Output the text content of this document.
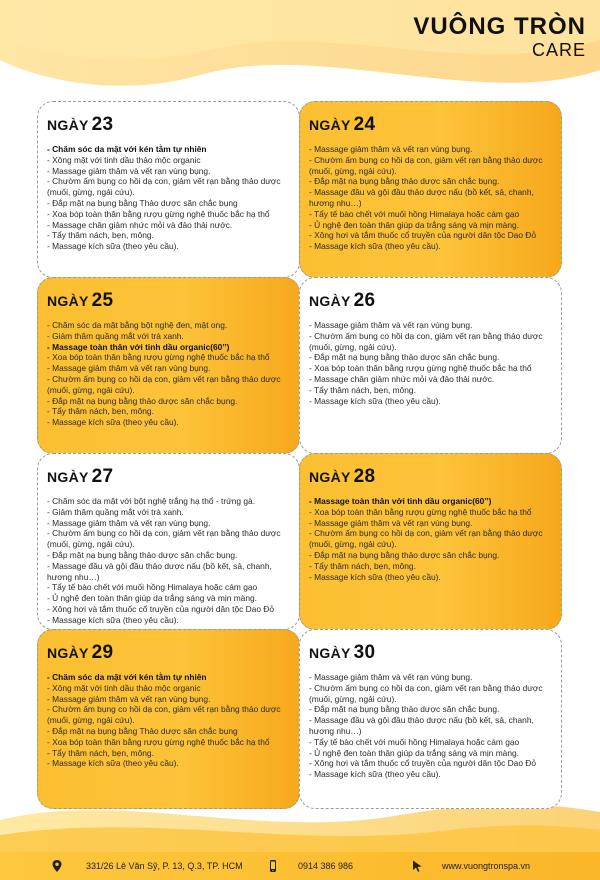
VUÔNG TRÒN
CARE
NGÀY 23
- Chăm sóc da mặt với kén tằm tự nhiên
- Xông mặt với tinh dầu thảo mộc organic
- Massage giảm thâm và vết rạn vùng bụng.
- Chườm ấm bụng co hồi dạ con, giảm vết rạn bằng thảo dược (muối, gừng, ngải cứu).
- Đắp mặt nạ bụng bằng Thảo dược săn chắc bụng
- Xoa bóp toàn thân bằng rượu gừng nghệ thuốc bắc hạ thổ
- Massage chân giảm nhức mỏi và đảo thải nước.
- Tẩy thâm nách, bẹn, mông.
- Massage kích sữa (theo yêu cầu).
NGÀY 24
- Massage giảm thâm và vết rạn vùng bụng.
- Chườm ấm bụng co hồi dạ con, giảm vết rạn bằng thảo dược (muối, gừng, ngải cứu).
- Đắp mặt nạ bụng bằng thảo dược săn chắc bụng.
- Massage đầu và gội đầu thảo dược nấu (bồ kết, sả, chanh, hương nhu…)
- Tẩy tế bào chết với muối hồng Himalaya hoặc cám gạo
- Ủ nghệ đen toàn thân giúp da trắng sáng và mịn màng.
- Xông hơi và tắm thuốc cổ truyền của người dân tộc Dao Đỏ
- Massage kích sữa (theo yêu cầu).
NGÀY 25
- Chăm sóc da mặt bằng bột nghệ đen, mật ong.
- Giảm thâm quầng mắt với trà xanh.
- Massage toàn thân với tinh dầu organic(60’’)
- Xoa bóp toàn thân bằng rượu gừng nghệ thuốc bắc hạ thổ
- Massage giảm thâm và vết rạn vùng bụng.
- Chườm ấm bụng co hồi dạ con, giảm vết rạn bằng thảo dược (muối, gừng, ngải cứu).
- Đắp mặt nạ bụng bằng thảo dược săn chắc bụng.
- Tẩy thâm nách, bẹn, mông.
- Massage kích sữa (theo yêu cầu).
NGÀY 26
- Massage giảm thâm và vết rạn vùng bụng.
- Chườm ấm bụng co hồi dạ con, giảm vết rạn bằng thảo dược (muối, gừng, ngải cứu).
- Đắp mặt nạ bụng bằng thảo dược săn chắc bụng.
- Xoa bóp toàn thân bằng rượu gừng nghệ thuốc bắc hạ thổ
- Massage chân giảm nhức mỏi và đảo thải nước.
- Tẩy thâm nách, bẹn, mông.
- Massage kích sữa (theo yêu cầu).
NGÀY 27
- Chăm sóc da mặt với bột nghệ trắng hạ thổ - trứng gà.
- Giảm thâm quầng mắt với trà xanh.
- Massage giảm thâm và vết rạn vùng bụng.
- Chườm ấm bụng co hồi dạ con, giảm vết rạn bằng thảo dược (muối, gừng, ngải cứu).
- Đắp mặt nạ bụng bằng thảo dược săn chắc bụng.
- Massage đầu và gội đầu thảo dược nấu (bồ kết, sả, chanh, hương nhu…)
- Tẩy tế bào chết với muối hồng Himalaya hoặc cám gạo
- Ủ nghệ đen toàn thân giúp da trắng sáng và mịn màng.
- Xông hơi và tắm thuốc cổ truyền của người dân tộc Dao Đỏ
- Massage kích sữa (theo yêu cầu).
NGÀY 28
- Massage toàn thân với tinh dầu organic(60’’)
- Xoa bóp toàn thân bằng rượu gừng nghệ thuốc bắc hạ thổ
- Massage giảm thâm và vết rạn vùng bụng.
- Chườm ấm bụng co hồi dạ con, giảm vết rạn bằng thảo dược (muối, gừng, ngải cứu).
- Đắp mặt nạ bụng bằng thảo dược săn chắc bụng.
- Tẩy thâm nách, bẹn, mông.
- Massage kích sữa (theo yêu cầu).
NGÀY 29
- Chăm sóc da mặt với kén tằm tự nhiên
- Xông mặt với tinh dầu thảo mộc organic
- Massage giảm thâm và vết rạn vùng bụng.
- Chườm ấm bụng co hồi dạ con, giảm vết rạn bằng thảo dược (muối, gừng, ngải cứu).
- Đắp mặt nạ bụng bằng Thảo dược săn chắc bụng
- Xoa bóp toàn thân bằng rượu gừng nghệ thuốc bắc hạ thổ
- Tẩy thâm nách, bẹn, mông.
- Massage kích sữa (theo yêu cầu).
NGÀY 30
- Massage giảm thâm và vết rạn vùng bụng.
- Chườm ấm bụng co hồi dạ con, giảm vết rạn bằng thảo dược (muối, gừng, ngải cứu).
- Đắp mặt nạ bụng bằng thảo dược săn chắc bụng.
- Massage đầu và gội đầu thảo dược nấu (bồ kết, sả, chanh, hương nhu…)
- Tẩy tế bào chết với muối hồng Himalaya hoặc cám gạo
- Ủ nghệ đen toàn thân giúp da trắng sáng và mịn màng.
- Xông hơi và tắm thuốc cổ truyền của người dân tộc Dao Đỏ
- Massage kích sữa (theo yêu cầu).
331/26 Lê Văn Sỹ, P. 13, Q.3, TP. HCM	0914 386 986	www.vuongtronspa.vn
